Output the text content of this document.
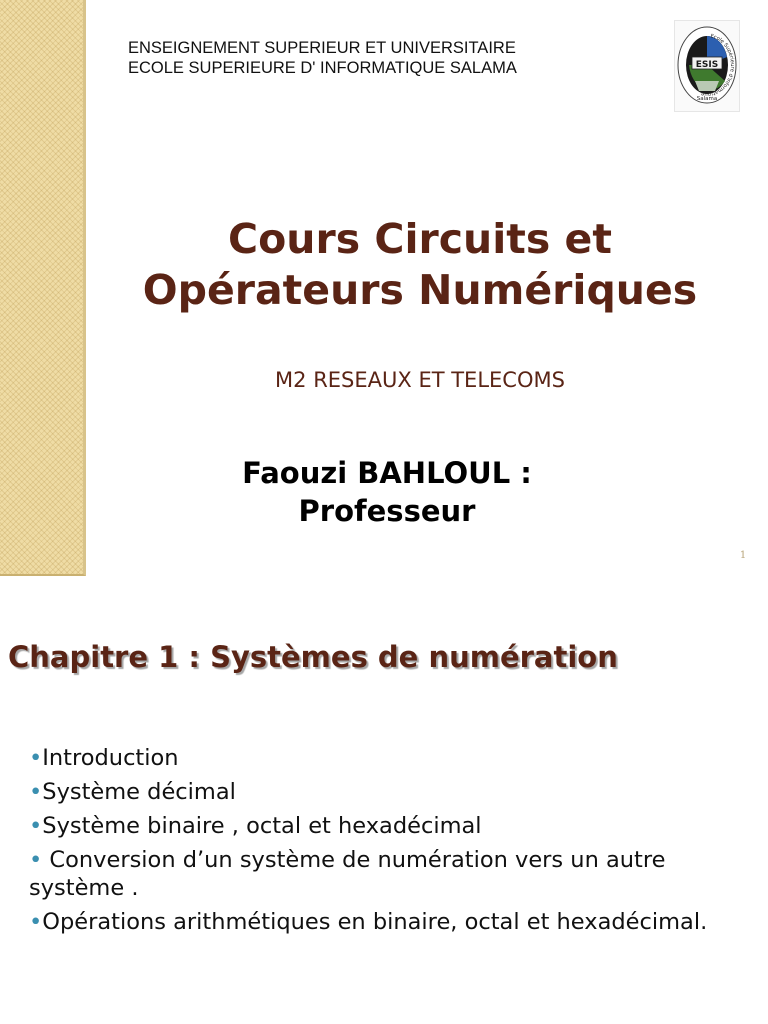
ENSEIGNEMENT SUPERIEUR ET UNIVERSITAIRE
ECOLE SUPERIEURE D' INFORMATIQUE SALAMA	ESIS
Ecole Supérieure d'Informatique
Salama
Cours Circuits et
Opérateurs Numériques
M2 RESEAUX ET TELECOMS
Faouzi BAHLOUL :
Professeur
1
Chapitre 1 : Systèmes de numération
•Introduction
•Système décimal
•Système binaire , octal et hexadécimal
• Conversion d’un système de numération vers un autre système .
•Opérations arithmétiques en binaire, octal et hexadécimal.
